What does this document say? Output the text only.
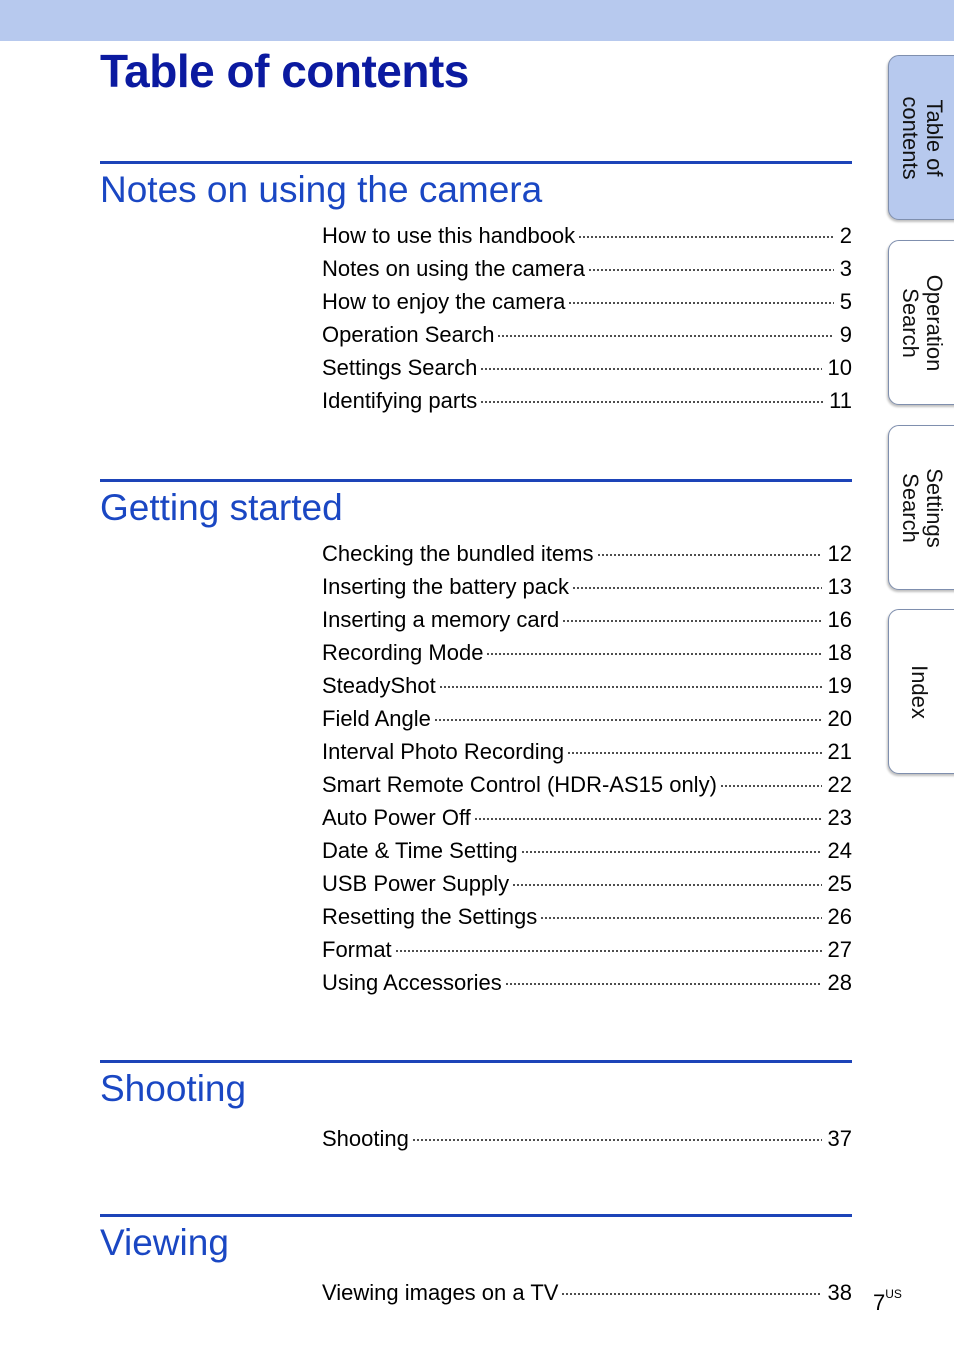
Table of contents
Notes on using the camera
How to use this handbook	2
Notes on using the camera	3
How to enjoy the camera	5
Operation Search	9
Settings Search	10
Identifying parts	11
Getting started
Checking the bundled items	12
Inserting the battery pack	13
Inserting a memory card	16
Recording Mode	18
SteadyShot	19
Field Angle	20
Interval Photo Recording	21
Smart Remote Control (HDR-AS15 only)	22
Auto Power Off	23
Date & Time Setting	24
USB Power Supply	25
Resetting the Settings	26
Format	27
Using Accessories	28
Shooting
Shooting	37
Viewing
Viewing images on a TV	38
Table of
contents
Operation
Search
Settings
Search
Index
$7^{US}$
